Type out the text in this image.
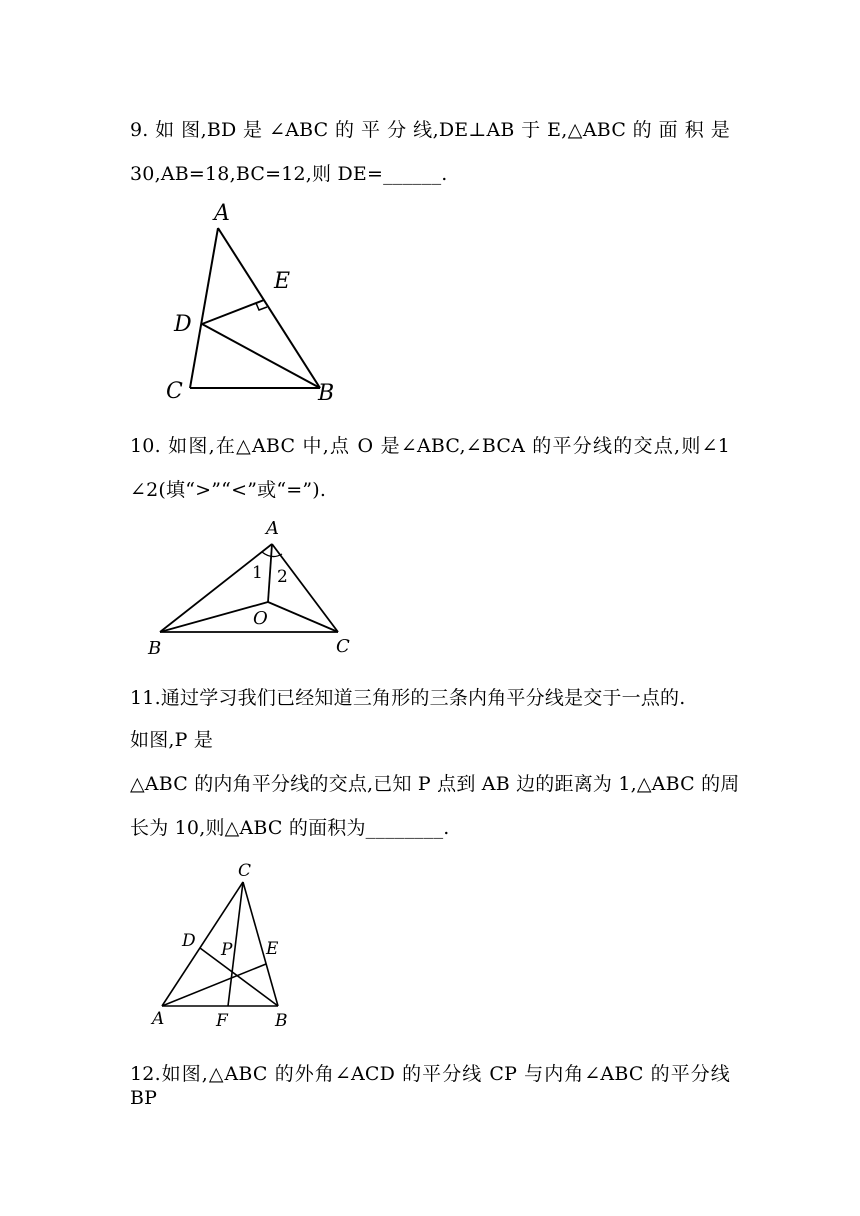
9. 如 图,BD 是 ∠ABC 的 平 分 线,DE⊥AB 于 E,△ABC 的 面 积 是
30,AB=18,BC=12,则 DE=______.
A
E
D
C	B
10. 如图,在△ABC 中,点 O 是∠ABC,∠BCA 的平分线的交点,则∠1
∠2(填“>”“<”或“=”).
A
1 2
O
B	C
11.通过学习我们已经知道三角形的三条内角平分线是交于一点的.
如图,P 是
△ABC 的内角平分线的交点,已知 P 点到 AB 边的距离为 1,△ABC 的周
长为 10,则△ABC 的面积为________.
C
D P E
A	F	B
12.如图,△ABC 的外角∠ACD 的平分线 CP 与内角∠ABC 的平分线 BP
